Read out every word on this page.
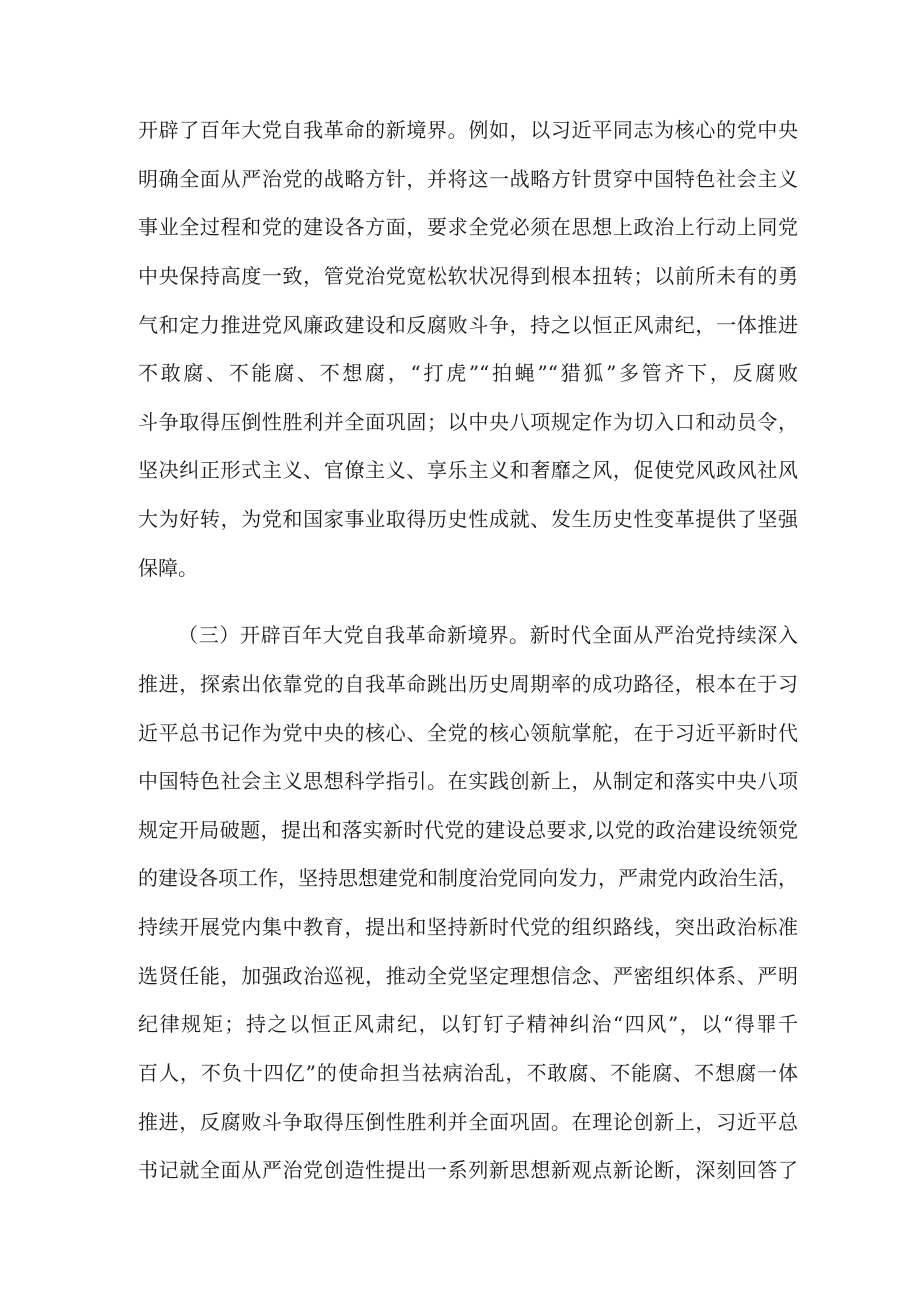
开辟了百年大党自我革命的新境界。例如，以习近平同志为核心的党中央
明确全面从严治党的战略方针，并将这一战略方针贯穿中国特色社会主义
事业全过程和党的建设各方面，要求全党必须在思想上政治上行动上同党
中央保持高度一致，管党治党宽松软状况得到根本扭转；以前所未有的勇
气和定力推进党风廉政建设和反腐败斗争，持之以恒正风肃纪，一体推进
不敢腐、不能腐、不想腐，“打虎”“拍蝇”“猎狐”多管齐下，反腐败
斗争取得压倒性胜利并全面巩固；以中央八项规定作为切入口和动员令，
坚决纠正形式主义、官僚主义、享乐主义和奢靡之风，促使党风政风社风
大为好转，为党和国家事业取得历史性成就、发生历史性变革提供了坚强
保障。
（三）开辟百年大党自我革命新境界。新时代全面从严治党持续深入
推进，探索出依靠党的自我革命跳出历史周期率的成功路径，根本在于习
近平总书记作为党中央的核心、全党的核心领航掌舵，在于习近平新时代
中国特色社会主义思想科学指引。在实践创新上，从制定和落实中央八项
规定开局破题，提出和落实新时代党的建设总要求,以党的政治建设统领党
的建设各项工作，坚持思想建党和制度治党同向发力，严肃党内政治生活，
持续开展党内集中教育，提出和坚持新时代党的组织路线，突出政治标准
选贤任能，加强政治巡视，推动全党坚定理想信念、严密组织体系、严明
纪律规矩；持之以恒正风肃纪，以钉钉子精神纠治“四风”，以“得罪千
百人，不负十四亿”的使命担当祛病治乱，不敢腐、不能腐、不想腐一体
推进，反腐败斗争取得压倒性胜利并全面巩固。在理论创新上，习近平总
书记就全面从严治党创造性提出一系列新思想新观点新论断，深刻回答了
